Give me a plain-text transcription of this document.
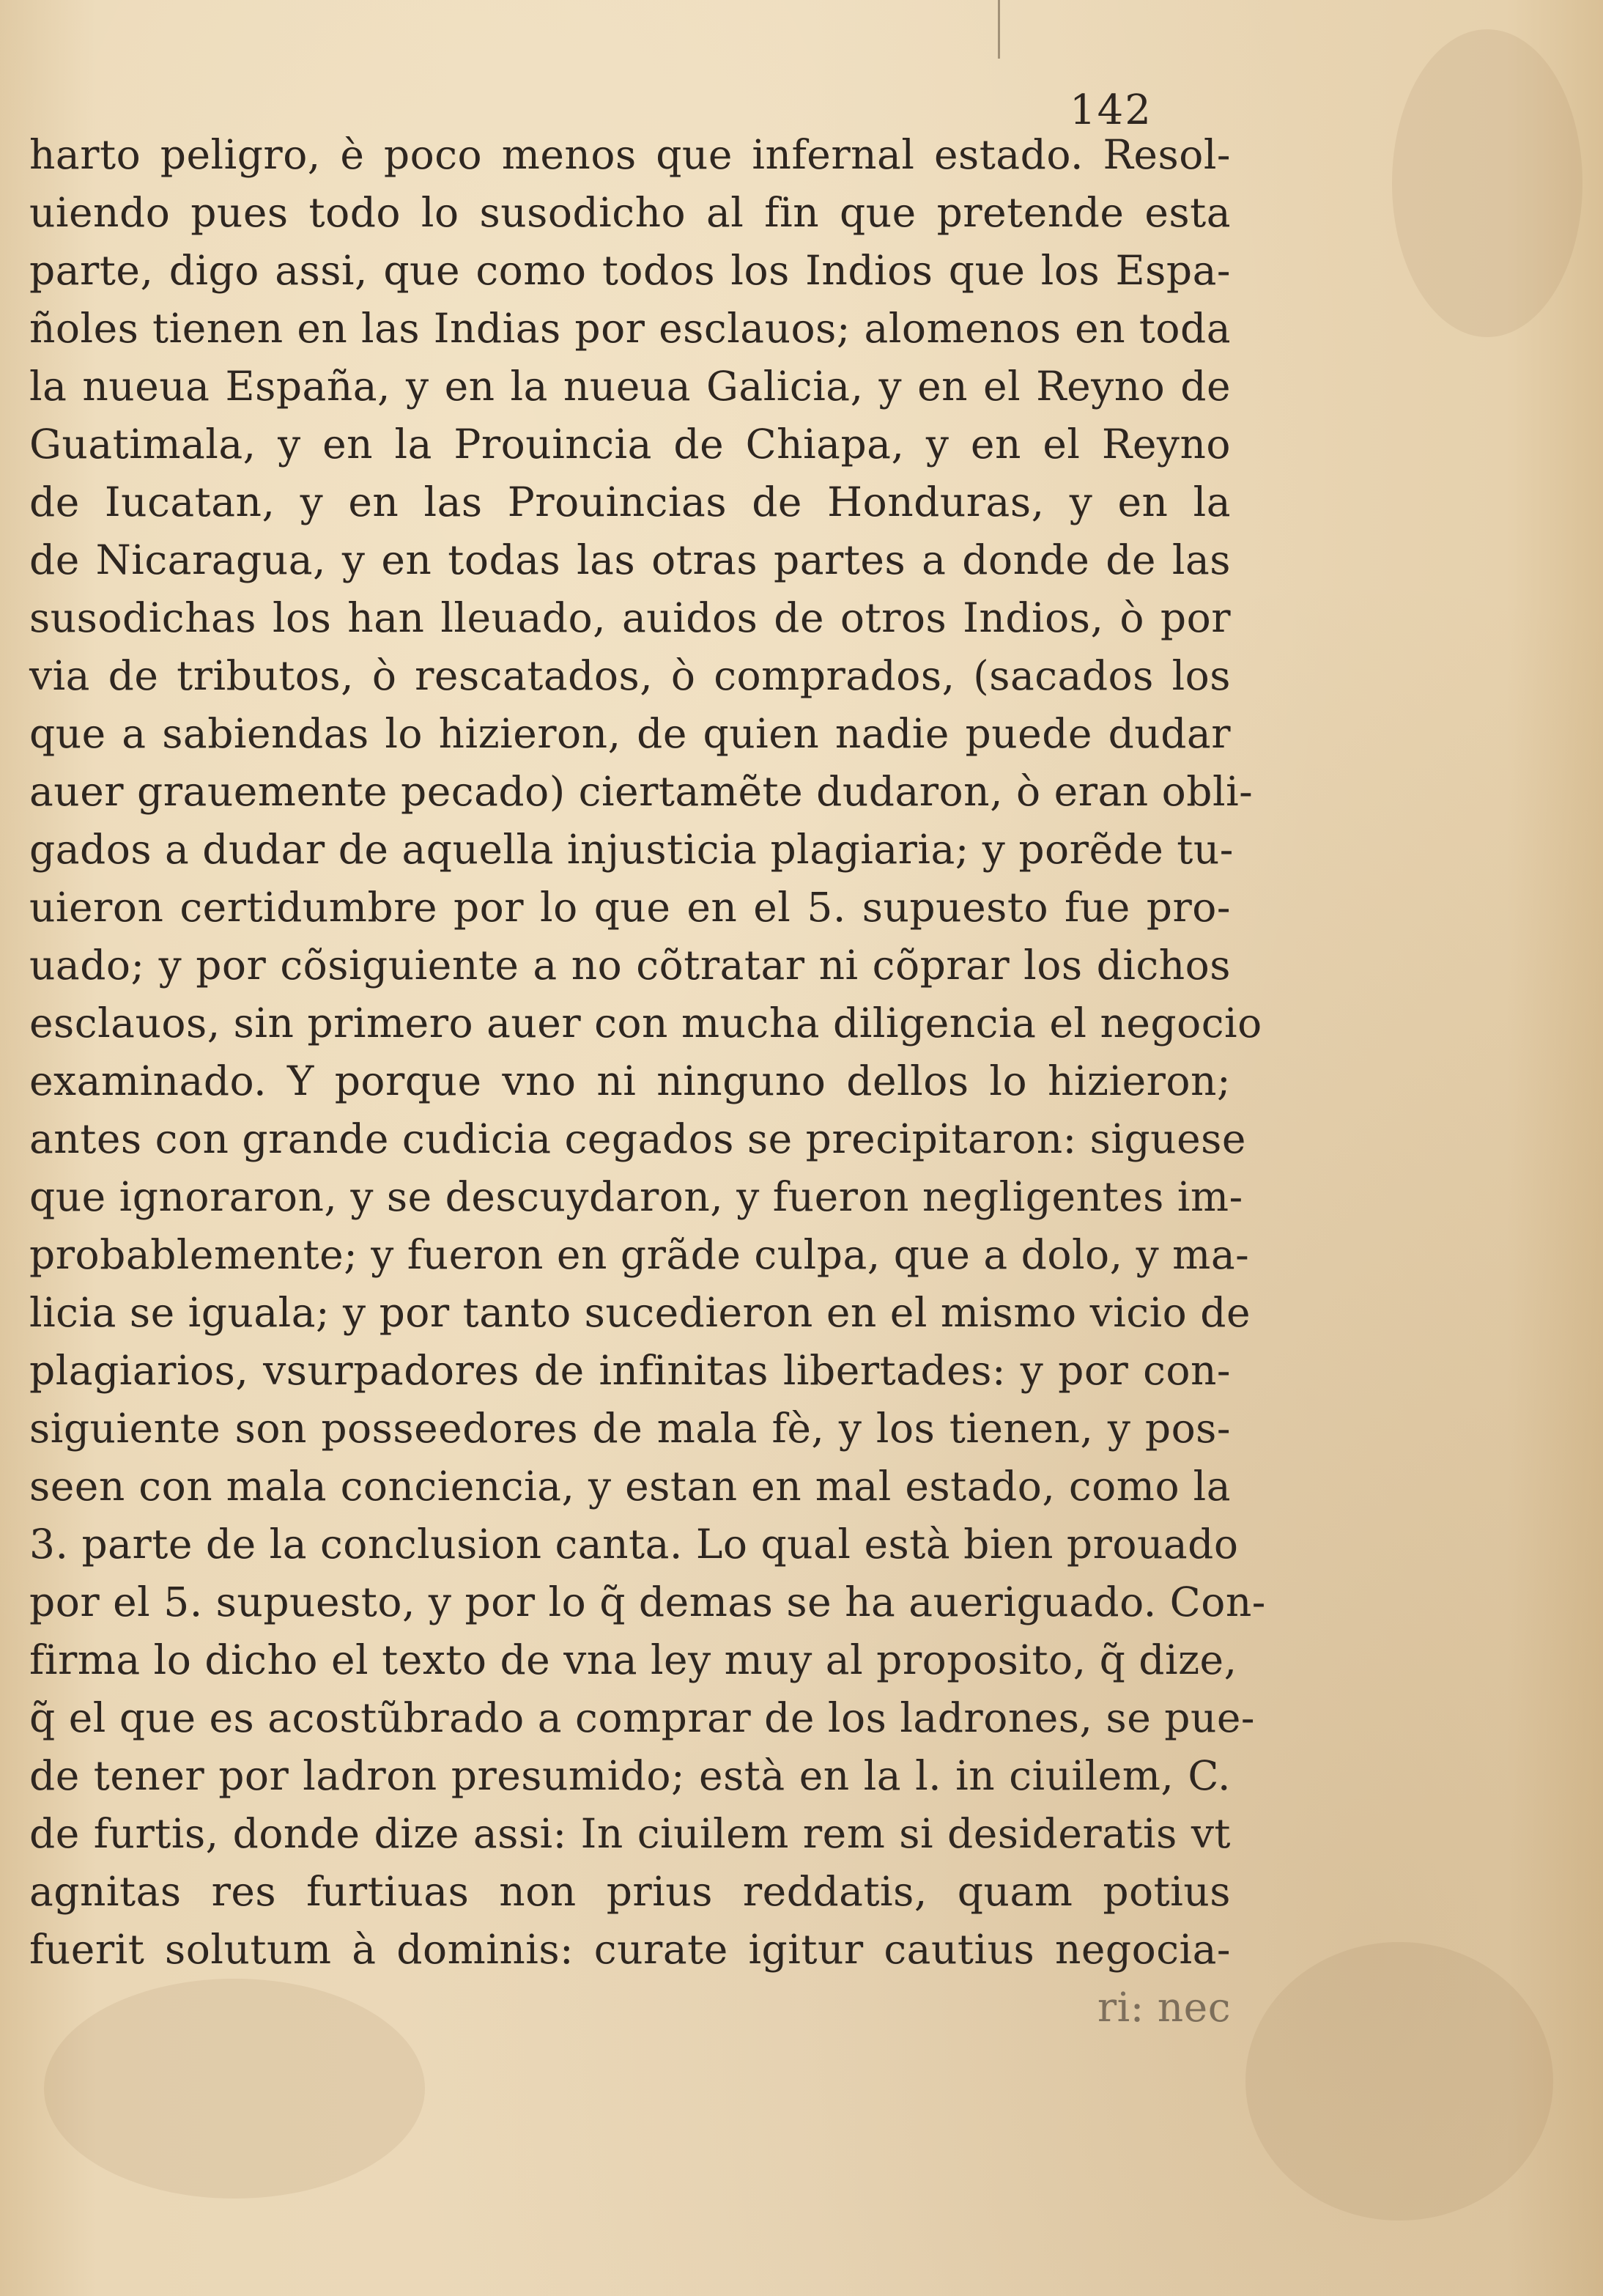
142
harto peligro, è poco menos que infernal estado. Resol-
uiendo pues todo lo susodicho al fin que pretende esta
parte, digo assi, que como todos los Indios que los Espa-
ñoles tienen en las Indias por esclauos; alomenos en toda
la nueua España, y en la nueua Galicia, y en el Reyno de
Guatimala, y en la Prouincia de Chiapa, y en el Reyno
de Iucatan, y en las Prouincias de Honduras, y en la
de Nicaragua, y en todas las otras partes a donde de las
susodichas los han lleuado, auidos de otros Indios, ò por
via de tributos, ò rescatados, ò comprados, (sacados los
que a sabiendas lo hizieron, de quien nadie puede dudar
auer grauemente pecado) ciertamẽte dudaron, ò eran obli-
gados a dudar de aquella injusticia plagiaria; y porẽde tu-
uieron certidumbre por lo que en el 5. supuesto fue pro-
uado; y por cõsiguiente a no cõtratar ni cõprar los dichos
esclauos, sin primero auer con mucha diligencia el negocio
examinado. Y porque vno ni ninguno dellos lo hizieron;
antes con grande cudicia cegados se precipitaron: siguese
que ignoraron, y se descuydaron, y fueron negligentes im-
probablemente; y fueron en grãde culpa, que a dolo, y ma-
licia se iguala; y por tanto sucedieron en el mismo vicio de
plagiarios, vsurpadores de infinitas libertades: y por con-
siguiente son posseedores de mala fè, y los tienen, y pos-
seen con mala conciencia, y estan en mal estado, como la
3. parte de la conclusion canta. Lo qual està bien prouado
por el 5. supuesto, y por lo q̃ demas se ha aueriguado. Con-
firma lo dicho el texto de vna ley muy al proposito, q̃ dize,
q̃ el que es acostũbrado a comprar de los ladrones, se pue-
de tener por ladron presumido; està en la l. in ciuilem, C.
de furtis, donde dize assi: In ciuilem rem si desideratis vt
agnitas res furtiuas non prius reddatis, quam potius
fuerit solutum à dominis: curate igitur cautius negocia-
ri: nec
